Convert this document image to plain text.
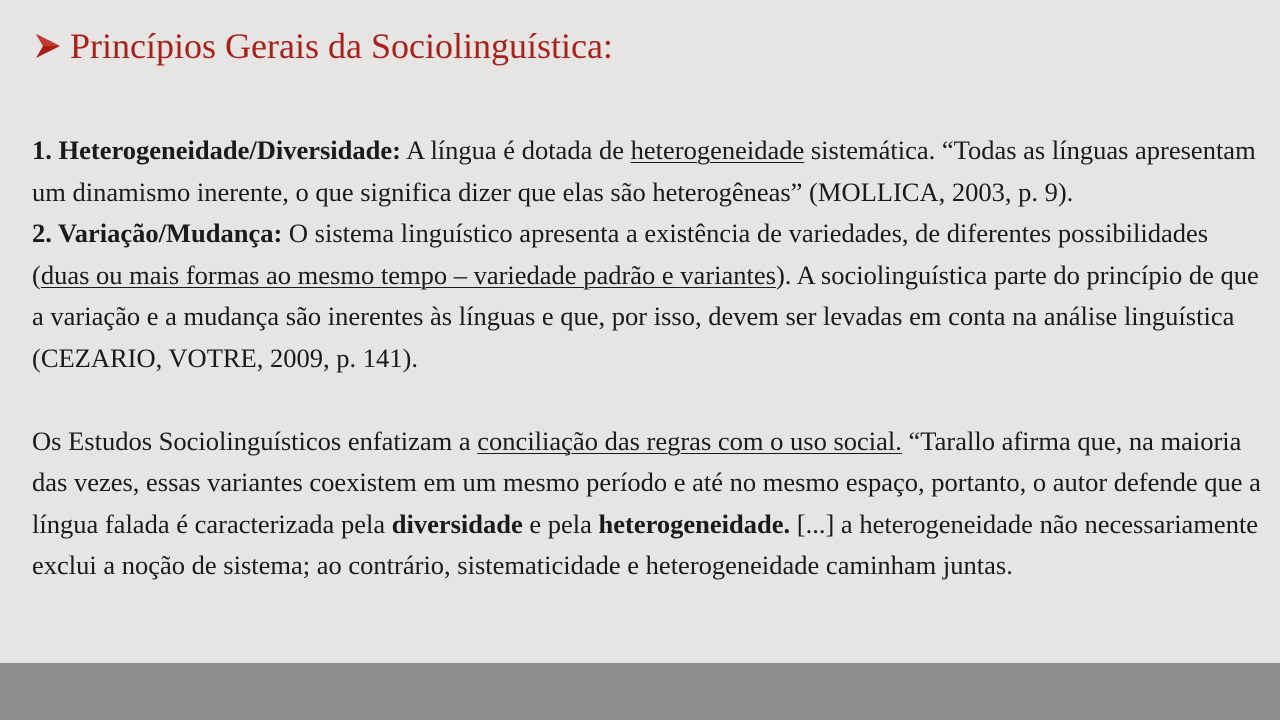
Princípios Gerais da Sociolinguística:

1. Heterogeneidade/Diversidade: A língua é dotada de heterogeneidade sistemática. “Todas as línguas apresentam um dinamismo inerente, o que significa dizer que elas são heterogêneas” (MOLLICA, 2003, p. 9).

2. Variação/Mudança: O sistema linguístico apresenta a existência de variedades, de diferentes possibilidades (duas ou mais formas ao mesmo tempo – variedade padrão e variantes). A sociolinguística parte do princípio de que a variação e a mudança são inerentes às línguas e que, por isso, devem ser levadas em conta na análise linguística (CEZARIO, VOTRE, 2009, p. 141).

Os Estudos Sociolinguísticos enfatizam a conciliação das regras com o uso social. “Tarallo afirma que, na maioria das vezes, essas variantes coexistem em um mesmo período e até no mesmo espaço, portanto, o autor defende que a língua falada é caracterizada pela diversidade e pela heterogeneidade. [...] a heterogeneidade não necessariamente exclui a noção de sistema; ao contrário, sistematicidade e heterogeneidade caminham juntas.
